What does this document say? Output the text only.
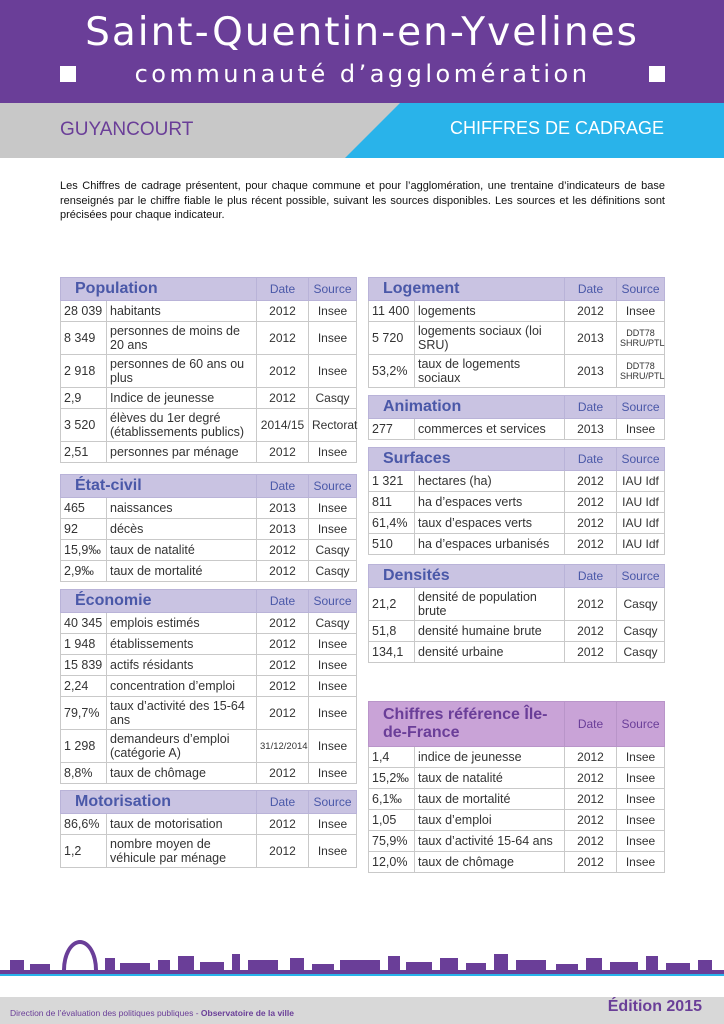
Saint-Quentin-en-Yvelines
communauté d’agglomération
GUYANCOURT	CHIFFRES DE CADRAGE
Les Chiffres de cadrage présentent, pour chaque commune et pour l’agglomération, une trentaine d’indicateurs de base renseignés par le chiffre fiable le plus récent possible, suivant les sources disponibles. Les sources et les définitions sont précisées pour chaque indicateur.
Population		Date	Source
28 039	habitants	2012	Insee
8 349	personnes de moins de 20 ans	2012	Insee
2 918	personnes de 60 ans ou plus	2012	Insee
2,9	Indice de jeunesse	2012	Casqy
3 520	élèves du 1er degré (établissements publics)	2014/15	Rectorat
2,51	personnes par ménage	2012	Insee
État-civil		Date	Source
465	naissances	2013	Insee
92	décès	2013	Insee
15,9‰	taux de natalité	2012	Casqy
2,9‰	taux de mortalité	2012	Casqy
Économie		Date	Source
40 345	emplois estimés	2012	Casqy
1 948	établissements	2012	Insee
15 839	actifs résidants	2012	Insee
2,24	concentration d’emploi	2012	Insee
79,7%	taux d’activité des 15-64 ans	2012	Insee
1 298	demandeurs d’emploi (catégorie A)	31/12/2014	Insee
8,8%	taux de chômage	2012	Insee
Motorisation		Date	Source
86,6%	taux de motorisation	2012	Insee
1,2	nombre moyen de véhicule par ménage	2012	Insee
Logement		Date	Source
11 400	logements	2012	Insee
5 720	logements sociaux (loi SRU)	2013	DDT78 SHRU/PTL
53,2%	taux de logements sociaux	2013	DDT78 SHRU/PTL
Animation		Date	Source
277	commerces et services	2013	Insee
Surfaces		Date	Source
1 321	hectares (ha)	2012	IAU Idf
811	ha d’espaces verts	2012	IAU Idf
61,4%	taux d’espaces verts	2012	IAU Idf
510	ha d’espaces urbanisés	2012	IAU Idf
Densités		Date	Source
21,2	densité de population brute	2012	Casqy
51,8	densité humaine brute	2012	Casqy
134,1	densité urbaine	2012	Casqy
Chiffres référence Île-de-France		Date	Source
1,4	indice de jeunesse	2012	Insee
15,2‰	taux de natalité	2012	Insee
6,1‰	taux de mortalité	2012	Insee
1,05	taux d’emploi	2012	Insee
75,9%	taux d’activité 15-64 ans	2012	Insee
12,0%	taux de chômage	2012	Insee
Direction de l’évaluation des politiques publiques - Observatoire de la ville	Édition 2015
